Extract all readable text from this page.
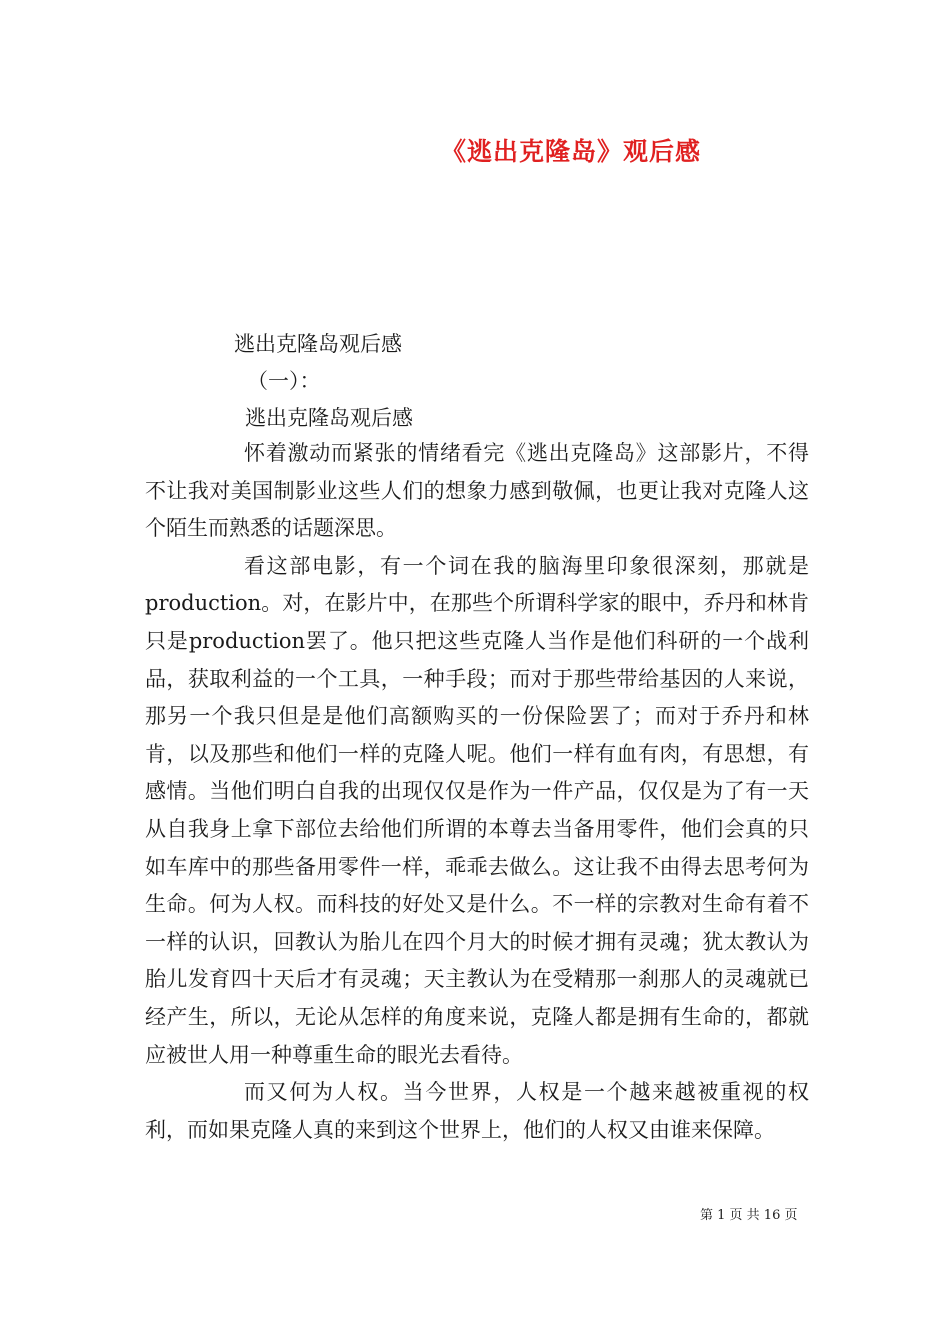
《逃出克隆岛》观后感
逃出克隆岛观后感
（一）：
逃出克隆岛观后感

怀着激动而紧张的情绪看完《逃出克隆岛》这部影片，不得不让我对美国制影业这些人们的想象力感到敬佩，也更让我对克隆人这个陌生而熟悉的话题深思。

看这部电影，有一个词在我的脑海里印象很深刻，那就是production。对，在影片中，在那些个所谓科学家的眼中，乔丹和林肯只是production罢了。他只把这些克隆人当作是他们科研的一个战利品，获取利益的一个工具，一种手段；而对于那些带给基因的人来说，那另一个我只但是是他们高额购买的一份保险罢了；而对于乔丹和林肯，以及那些和他们一样的克隆人呢。他们一样有血有肉，有思想，有感情。当他们明白自我的出现仅仅是作为一件产品，仅仅是为了有一天从自我身上拿下部位去给他们所谓的本尊去当备用零件，他们会真的只如车库中的那些备用零件一样，乖乖去做么。这让我不由得去思考何为生命。何为人权。而科技的好处又是什么。不一样的宗教对生命有着不一样的认识，回教认为胎儿在四个月大的时候才拥有灵魂；犹太教认为胎儿发育四十天后才有灵魂；天主教认为在受精那一刹那人的灵魂就已经产生，所以，无论从怎样的角度来说，克隆人都是拥有生命的，都就应被世人用一种尊重生命的眼光去看待。

而又何为人权。当今世界，人权是一个越来越被重视的权利，而如果克隆人真的来到这个世界上，他们的人权又由谁来保障。

第 1 页 共 16 页
